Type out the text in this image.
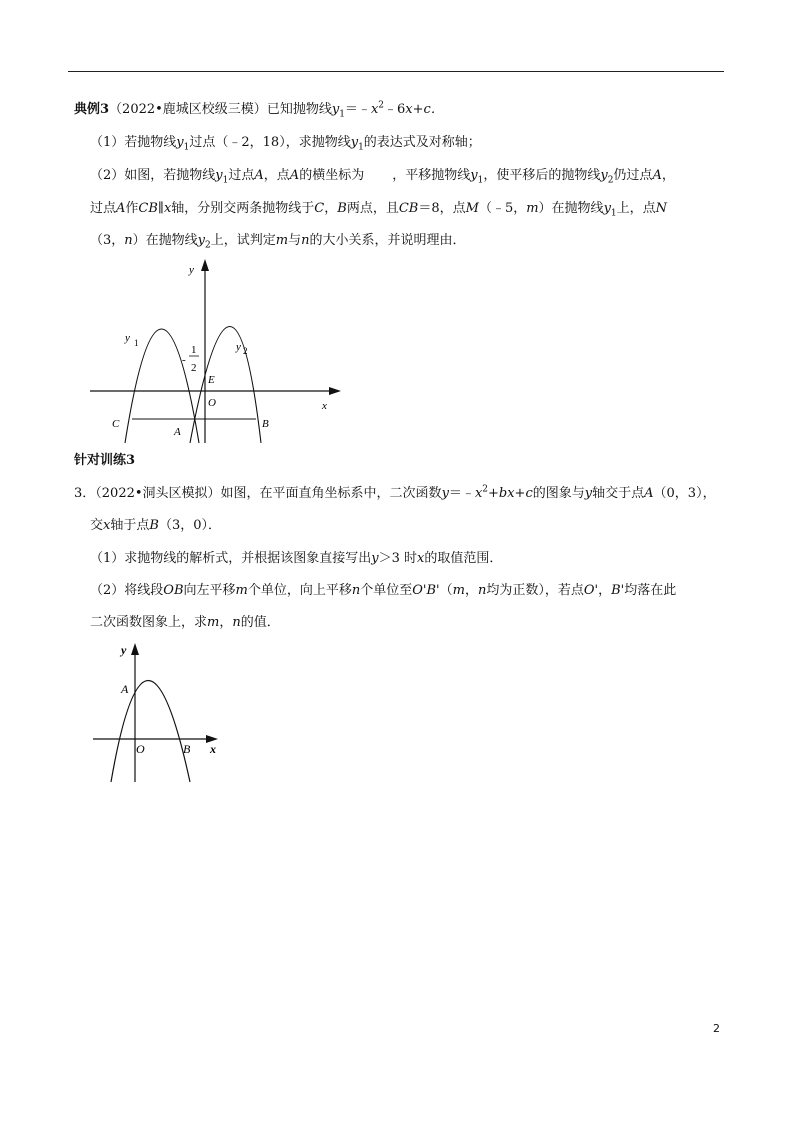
典例3（2022•鹿城区校级三模）已知抛物线$y_1=﹣x^2﹣6x+c$．
（1）若抛物线$y_1$过点（﹣2，18），求抛物线$y_1$的表达式及对称轴；
（2）如图，若抛物线$y_1$过点A，点A的横坐标为 ，平移抛物线$y_1$，使平移后的抛物线$y_2$仍过点A，
过点A作CB∥x轴，分别交两条抛物线于C，B两点，且CB＝8，点M（﹣5，m）在抛物线$y_1$上，点N
（3，n）在抛物线$y_2$上，试判定m与n的大小关系，并说明理由．
y
x
y 1	y 2
-
1
2
E
O
C
A
B
针对训练3
3．（2022•洞头区模拟）如图，在平面直角坐标系中，二次函数$y=﹣x^2+bx+c$的图象与y轴交于点A（0，3），
交x轴于点B（3，0）．
（1）求抛物线的解析式，并根据该图象直接写出y＞3 时x的取值范围．
（2）将线段OB向左平移m个单位，向上平移n个单位至O'B'（m，n均为正数），若点O'，B'均落在此
二次函数图象上，求m，n的值．
y
x
A
O	B
2
